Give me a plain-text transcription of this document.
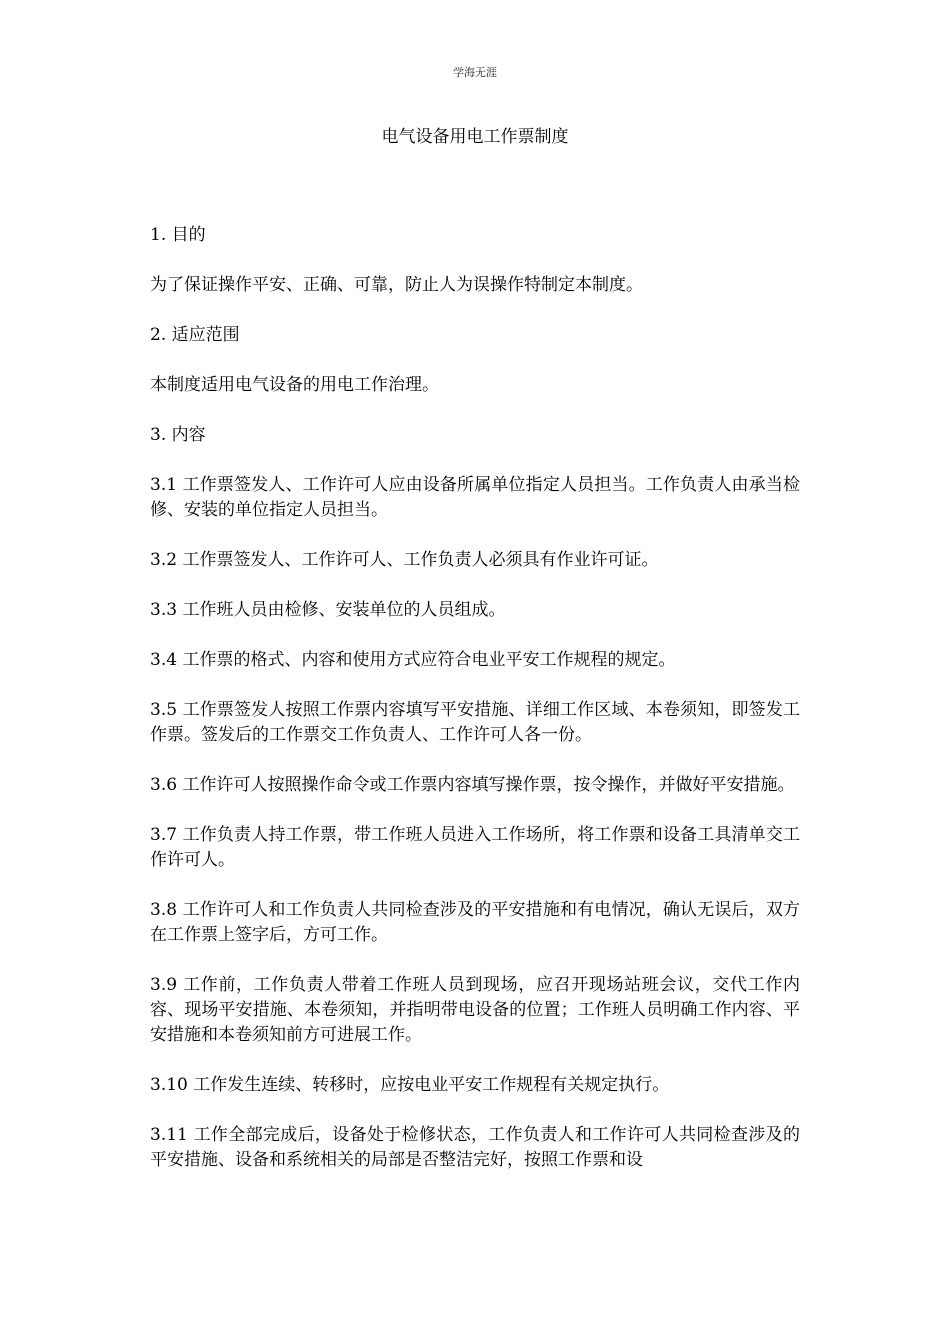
学海无涯
电气设备用电工作票制度

1. 目的

为了保证操作平安、正确、可靠，防止人为误操作特制定本制度。

2. 适应范围

本制度适用电气设备的用电工作治理。

3. 内容

3.1 工作票签发人、工作许可人应由设备所属单位指定人员担当。工作负责人由承当检修、安装的单位指定人员担当。

3.2 工作票签发人、工作许可人、工作负责人必须具有作业许可证。

3.3 工作班人员由检修、安装单位的人员组成。

3.4 工作票的格式、内容和使用方式应符合电业平安工作规程的规定。

3.5 工作票签发人按照工作票内容填写平安措施、详细工作区域、本卷须知，即签发工作票。签发后的工作票交工作负责人、工作许可人各一份。

3.6 工作许可人按照操作命令或工作票内容填写操作票，按令操作，并做好平安措施。

3.7 工作负责人持工作票，带工作班人员进入工作场所，将工作票和设备工具清单交工作许可人。

3.8 工作许可人和工作负责人共同检查涉及的平安措施和有电情况，确认无误后，双方在工作票上签字后，方可工作。

3.9 工作前，工作负责人带着工作班人员到现场，应召开现场站班会议，交代工作内容、现场平安措施、本卷须知，并指明带电设备的位置；工作班人员明确工作内容、平安措施和本卷须知前方可进展工作。

3.10 工作发生连续、转移时，应按电业平安工作规程有关规定执行。

3.11 工作全部完成后，设备处于检修状态，工作负责人和工作许可人共同检查涉及的平安措施、设备和系统相关的局部是否整洁完好，按照工作票和设
